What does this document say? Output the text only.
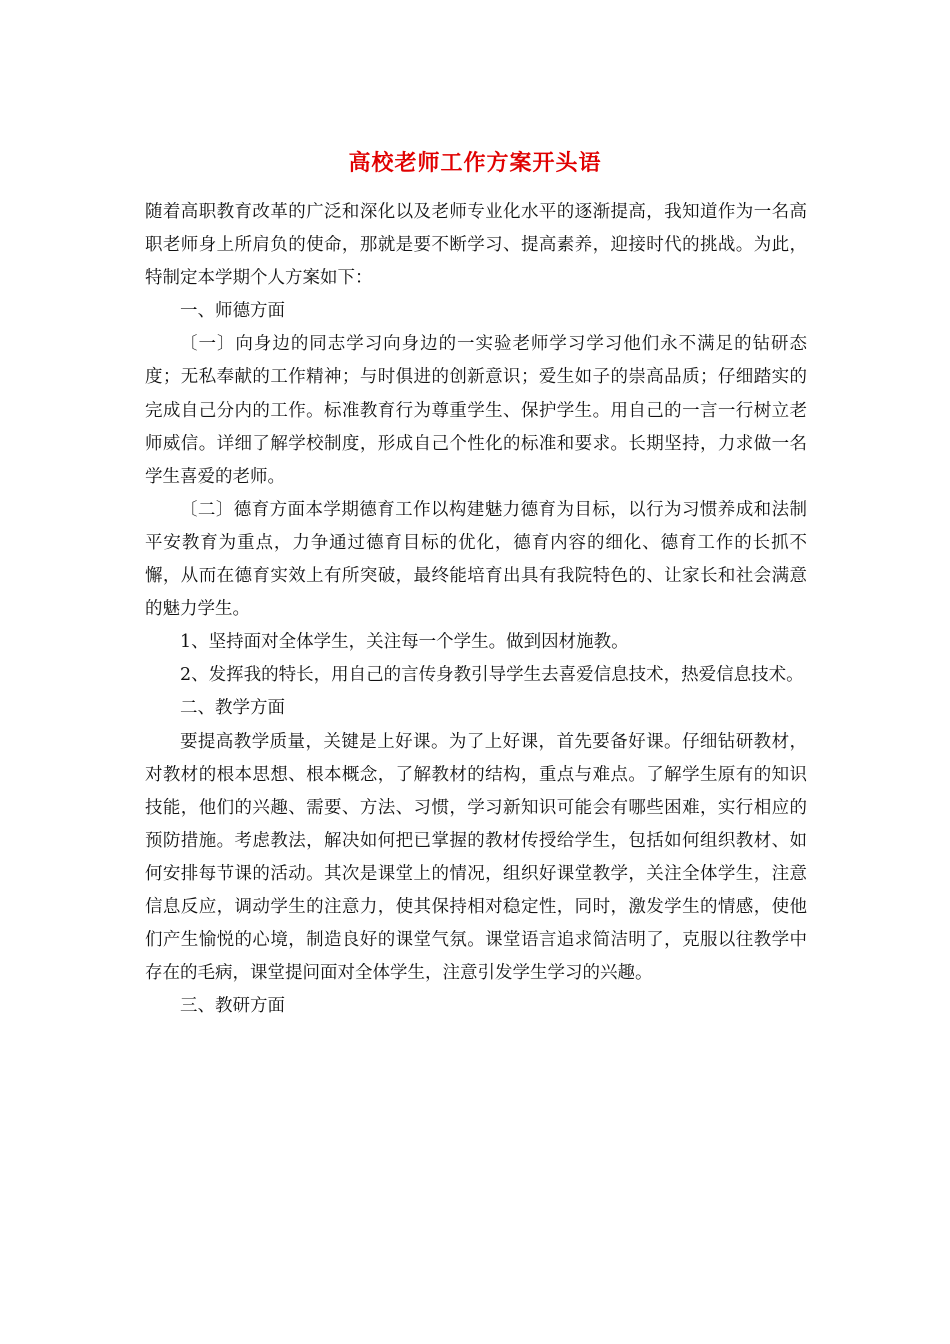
高校老师工作方案开头语

随着高职教育改革的广泛和深化以及老师专业化水平的逐渐提高，我知道作为一名高职老师身上所肩负的使命，那就是要不断学习、提高素养，迎接时代的挑战。为此，特制定本学期个人方案如下：

一、师德方面

〔一〕向身边的同志学习向身边的一实验老师学习学习他们永不满足的钻研态度；无私奉献的工作精神；与时俱进的创新意识；爱生如子的崇高品质；仔细踏实的完成自己分内的工作。标准教育行为尊重学生、保护学生。用自己的一言一行树立老师威信。详细了解学校制度，形成自己个性化的标准和要求。长期坚持，力求做一名学生喜爱的老师。

〔二〕德育方面本学期德育工作以构建魅力德育为目标，以行为习惯养成和法制平安教育为重点，力争通过德育目标的优化，德育内容的细化、德育工作的长抓不懈，从而在德育实效上有所突破，最终能培育出具有我院特色的、让家长和社会满意的魅力学生。

1、坚持面对全体学生，关注每一个学生。做到因材施教。

2、发挥我的特长，用自己的言传身教引导学生去喜爱信息技术，热爱信息技术。

二、教学方面

要提高教学质量，关键是上好课。为了上好课，首先要备好课。仔细钻研教材，对教材的根本思想、根本概念，了解教材的结构，重点与难点。了解学生原有的知识技能，他们的兴趣、需要、方法、习惯，学习新知识可能会有哪些困难，实行相应的预防措施。考虑教法，解决如何把已掌握的教材传授给学生，包括如何组织教材、如何安排每节课的活动。其次是课堂上的情况，组织好课堂教学，关注全体学生，注意信息反应，调动学生的注意力，使其保持相对稳定性，同时，激发学生的情感，使他们产生愉悦的心境，制造良好的课堂气氛。课堂语言追求简洁明了，克服以往教学中存在的毛病，课堂提问面对全体学生，注意引发学生学习的兴趣。

三、教研方面
